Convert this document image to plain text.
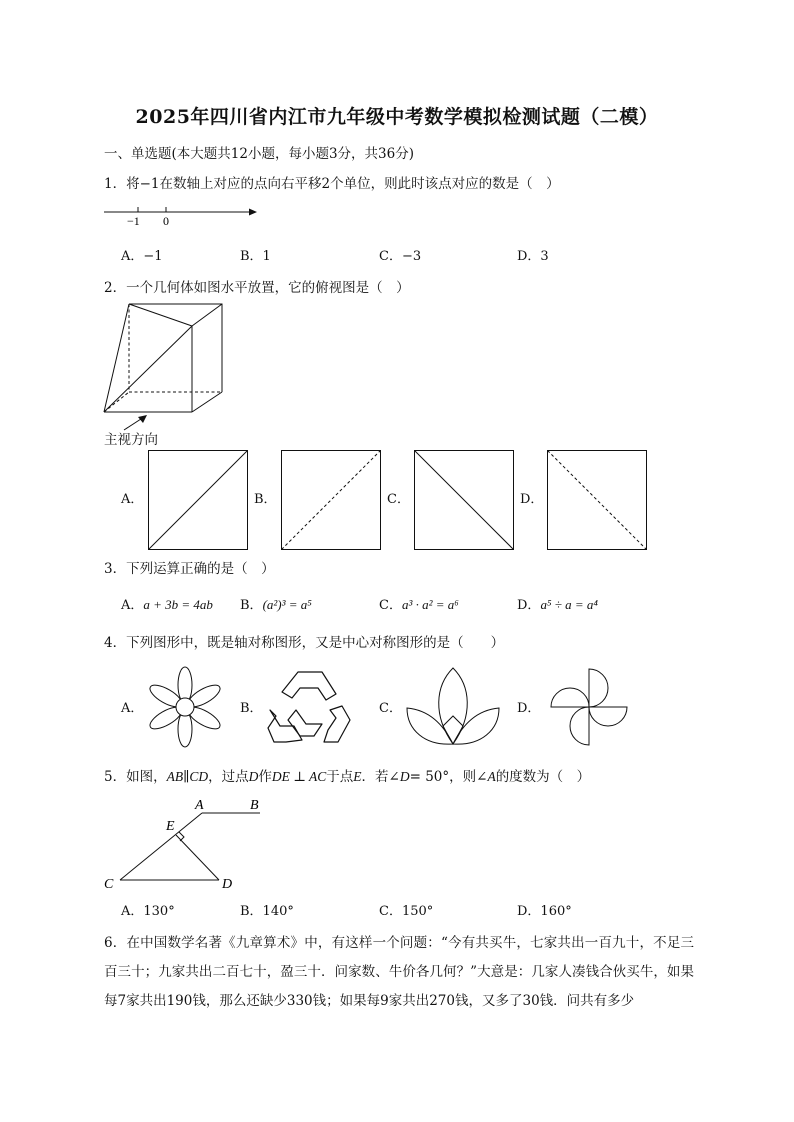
2025年四川省内江市九年级中考数学模拟检测试题（二模）
一、单选题(本大题共12小题，每小题3分，共36分)
1．将−1在数轴上对应的点向右平移2个单位，则此时该点对应的数是（　）
−1 0
A．−1	B．1	C．−3	D．3
2．一个几何体如图水平放置，它的俯视图是（　）
主视方向
A．	B．	C．	D．
3．下列运算正确的是（　）
A．a + 3b = 4ab B．(a²)³ = a⁵	C．a³ · a² = a⁶	D．a⁵ ÷ a = a⁴
4．下列图形中，既是轴对称图形，又是中心对称图形的是（　　）
A．	B．	C．	D．
5．如图，AB∥CD，过点D作DE ⊥ AC于点E．若∠D= 50°，则∠A的度数为（　）
A	B
E
C	D
A．130°	B．140°	C．150°	D．160°
6．在中国数学名著《九章算术》中，有这样一个问题：“今有共买牛，七家共出一百九十，不足三百三十；九家共出二百七十，盈三十．问家数、牛价各几何？”大意是：几家人凑钱合伙买牛，如果每7家共出190钱，那么还缺少330钱；如果每9家共出270钱，又多了30钱．问共有多少
